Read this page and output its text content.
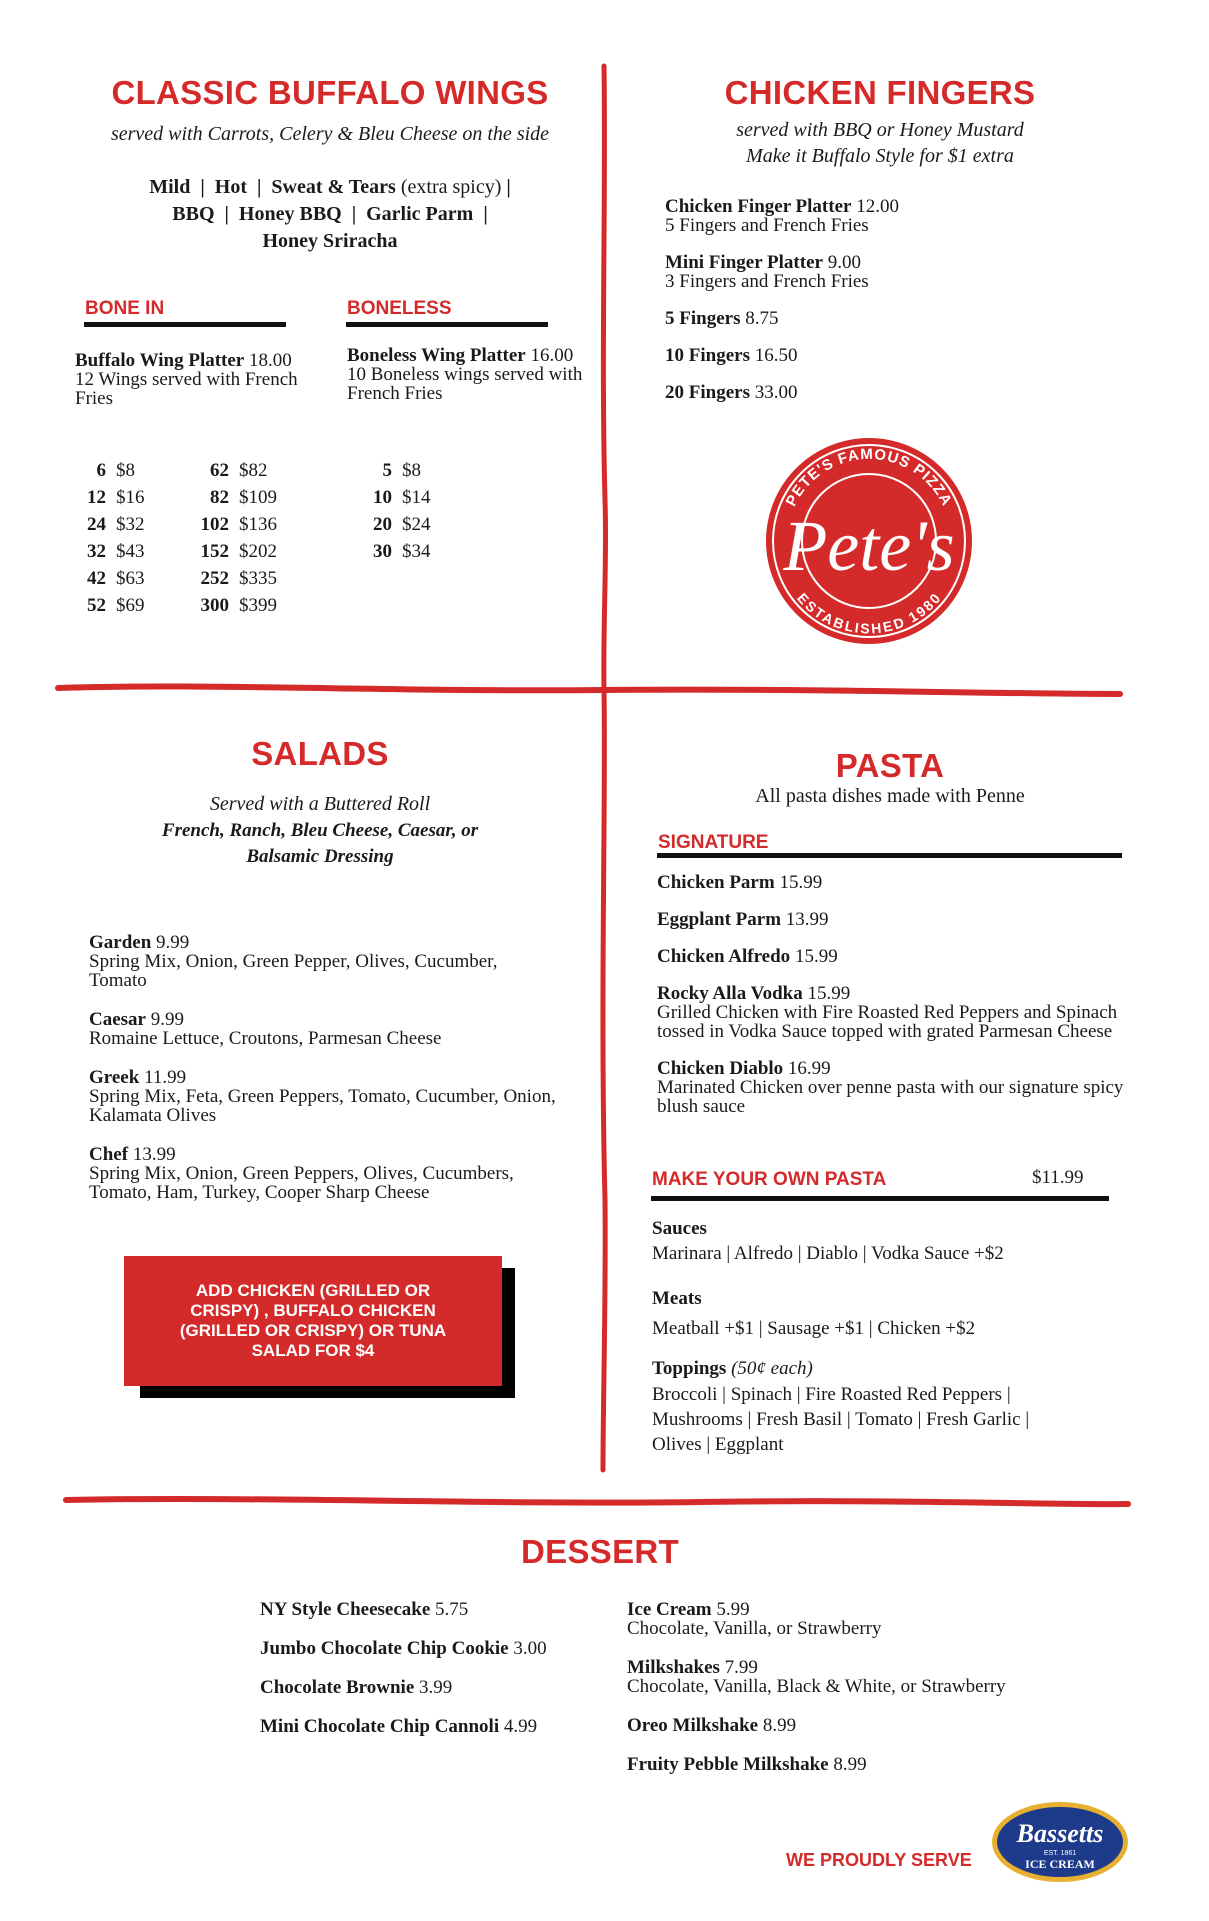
CLASSIC BUFFALO WINGS
served with Carrots, Celery & Bleu Cheese on the side
Mild | Hot | Sweat & Tears (extra spicy) |
BBQ | Honey BBQ | Garlic Parm |
Honey Sriracha
BONE IN	BONELESS
Buffalo Wing Platter 18.00
12 Wings served with French Fries
Boneless Wing Platter 16.00
10 Boneless wings served with French Fries
6	$8
12	$16
24	$32
32	$43
42	$63
52	$69
62	$82
82	$109
102	$136
152	$202
252	$335
300	$399
5	$8
10	$14
20	$24
30	$34
CHICKEN FINGERS
served with BBQ or Honey Mustard
Make it Buffalo Style for $1 extra
Chicken Finger Platter 12.00
5 Fingers and French Fries
Mini Finger Platter 9.00
3 Fingers and French Fries
5 Fingers 8.75
10 Fingers 16.50
20 Fingers 33.00
PETE'S FAMOUS PIZZA
ESTABLISHED 1980
Pete's
SALADS
Served with a Buttered Roll
French, Ranch, Bleu Cheese, Caesar, or
Balsamic Dressing
Garden 9.99
Spring Mix, Onion, Green Pepper, Olives, Cucumber, Tomato
Caesar 9.99
Romaine Lettuce, Croutons, Parmesan Cheese
Greek 11.99
Spring Mix, Feta, Green Peppers, Tomato, Cucumber, Onion, Kalamata Olives
Chef 13.99
Spring Mix, Onion, Green Peppers, Olives, Cucumbers, Tomato, Ham, Turkey, Cooper Sharp Cheese
ADD CHICKEN (GRILLED OR CRISPY) , BUFFALO CHICKEN (GRILLED OR CRISPY) OR TUNA SALAD FOR $4
PASTA
All pasta dishes made with Penne
SIGNATURE
Chicken Parm 15.99
Eggplant Parm 13.99
Chicken Alfredo 15.99
Rocky Alla Vodka 15.99
Grilled Chicken with Fire Roasted Red Peppers and Spinach tossed in Vodka Sauce topped with grated Parmesan Cheese
Chicken Diablo 16.99
Marinated Chicken over penne pasta with our signature spicy blush sauce
MAKE YOUR OWN PASTA	$11.99
Sauces
Marinara | Alfredo | Diablo | Vodka Sauce +$2
Meats
Meatball +$1 | Sausage +$1 | Chicken +$2
Toppings (50¢ each)
Broccoli | Spinach | Fire Roasted Red Peppers |
Mushrooms | Fresh Basil | Tomato | Fresh Garlic |
Olives | Eggplant
DESSERT
NY Style Cheesecake 5.75
Jumbo Chocolate Chip Cookie 3.00
Chocolate Brownie 3.99
Mini Chocolate Chip Cannoli 4.99
Ice Cream 5.99
Chocolate, Vanilla, or Strawberry
Milkshakes 7.99
Chocolate, Vanilla, Black & White, or Strawberry
Oreo Milkshake 8.99
Fruity Pebble Milkshake 8.99
WE PROUDLY SERVE
Bassetts
EST. 1861
ICE CREAM
